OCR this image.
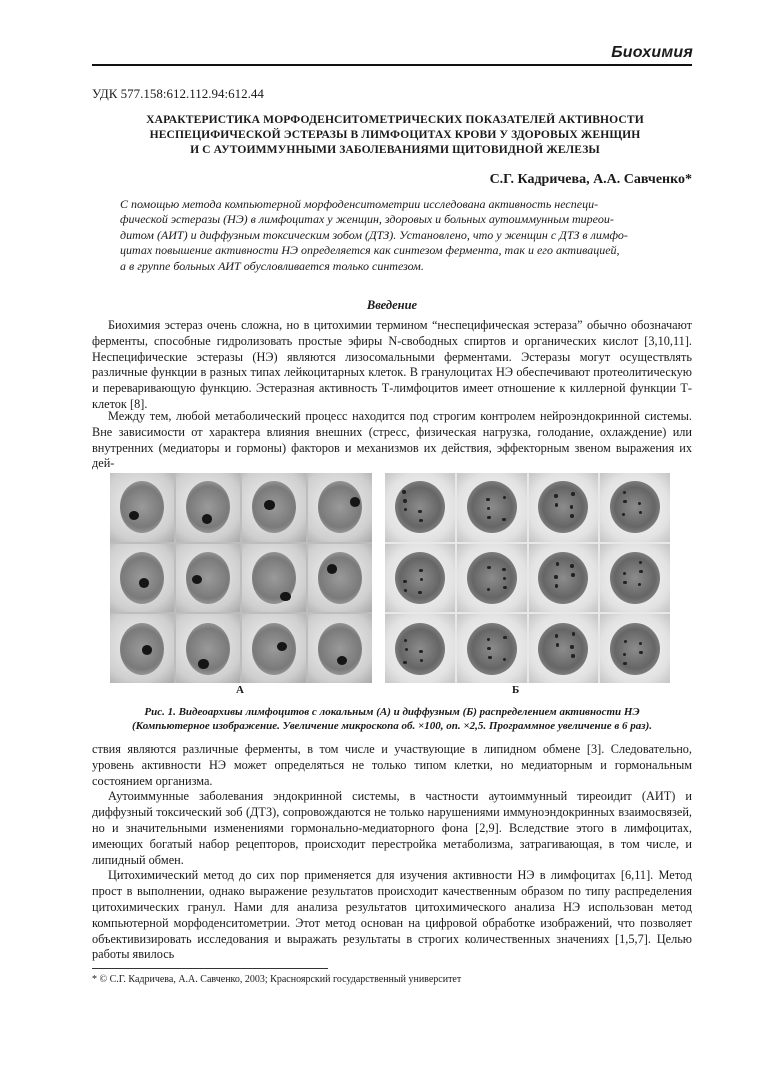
Биохимия
УДК 577.158:612.112.94:612.44
ХАРАКТЕРИСТИКА МОРФОДЕНСИТОМЕТРИЧЕСКИХ ПОКАЗАТЕЛЕЙ АКТИВНОСТИ
НЕСПЕЦИФИЧЕСКОЙ ЭСТЕРАЗЫ В ЛИМФОЦИТАХ КРОВИ У ЗДОРОВЫХ ЖЕНЩИН
И С АУТОИММУННЫМИ ЗАБОЛЕВАНИЯМИ ЩИТОВИДНОЙ ЖЕЛЕЗЫ
С.Г. Кадричева, А.А. Савченко*
С помощью метода компьютерной морфоденситометрии исследована активность неспеци-
фической эстеразы (НЭ) в лимфоцитах у женщин, здоровых и больных аутоиммунным тиреои-
дитом (АИТ) и диффузным токсическим зобом (ДТЗ). Установлено, что у женщин с ДТЗ в лимфо-
цитах повышение активности НЭ определяется как синтезом фермента, так и его активацией,
а в группе больных АИТ обусловливается только синтезом.
Введение

Биохимия эстераз очень сложна, но в цитохимии термином “неспецифическая эстераза” обычно обозначают ферменты, способные гидролизовать простые эфиры N-свободных спиртов и органических кислот [3,10,11]. Неспецифические эстеразы (НЭ) являются лизосомальными ферментами. Эстеразы могут осуществлять различные функции в разных типах лейкоцитарных клеток. В гранулоцитах НЭ обеспечивают протеолитическую и переваривающую функцию. Эстеразная активность Т-лимфоцитов имеет отношение к киллерной функции Т-клеток [8].

Между тем, любой метаболический процесс находится под строгим контролем нейроэндокринной системы. Вне зависимости от характера влияния внешних (стресс, физическая нагрузка, голодание, охлаждение) или внутренних (медиаторы и гормоны) факторов и механизмов их действия, эффекторным звеном выражения их дей-

А	Б
Рис. 1. Видеоархивы лимфоцитов с локальным (А) и диффузным (Б) распределением активности НЭ
(Компьютерное изображение. Увеличение микроскопа об. ×100, оп. ×2,5. Программное увеличение в 6 раз).

ствия являются различные ферменты, в том числе и участвующие в липидном обмене [3]. Следовательно, уровень активности НЭ может определяться не только типом клетки, но медиаторным и гормональным состоянием организма.

Аутоиммунные заболевания эндокринной системы, в частности аутоиммунный тиреоидит (АИТ) и диффузный токсический зоб (ДТЗ), сопровождаются не только нарушениями иммуноэндокринных взаимосвязей, но и значительными изменениями гормонально-медиаторного фона [2,9]. Вследствие этого в лимфоцитах, имеющих богатый набор рецепторов, происходит перестройка метаболизма, затрагивающая, в том числе, и липидный обмен.

Цитохимический метод до сих пор применяется для изучения активности НЭ в лимфоцитах [6,11]. Метод прост в выполнении, однако выражение результатов происходит качественным образом по типу распределения цитохимических гранул. Нами для анализа результатов цитохимического анализа НЭ использован метод компьютерной морфоденситометрии. Этот метод основан на цифровой обработке изображений, что позволяет объективизировать исследования и выражать результаты в строгих количественных значениях [1,5,7]. Целью работы явилось

* © С.Г. Кадричева, А.А. Савченко, 2003; Красноярский государственный университет
